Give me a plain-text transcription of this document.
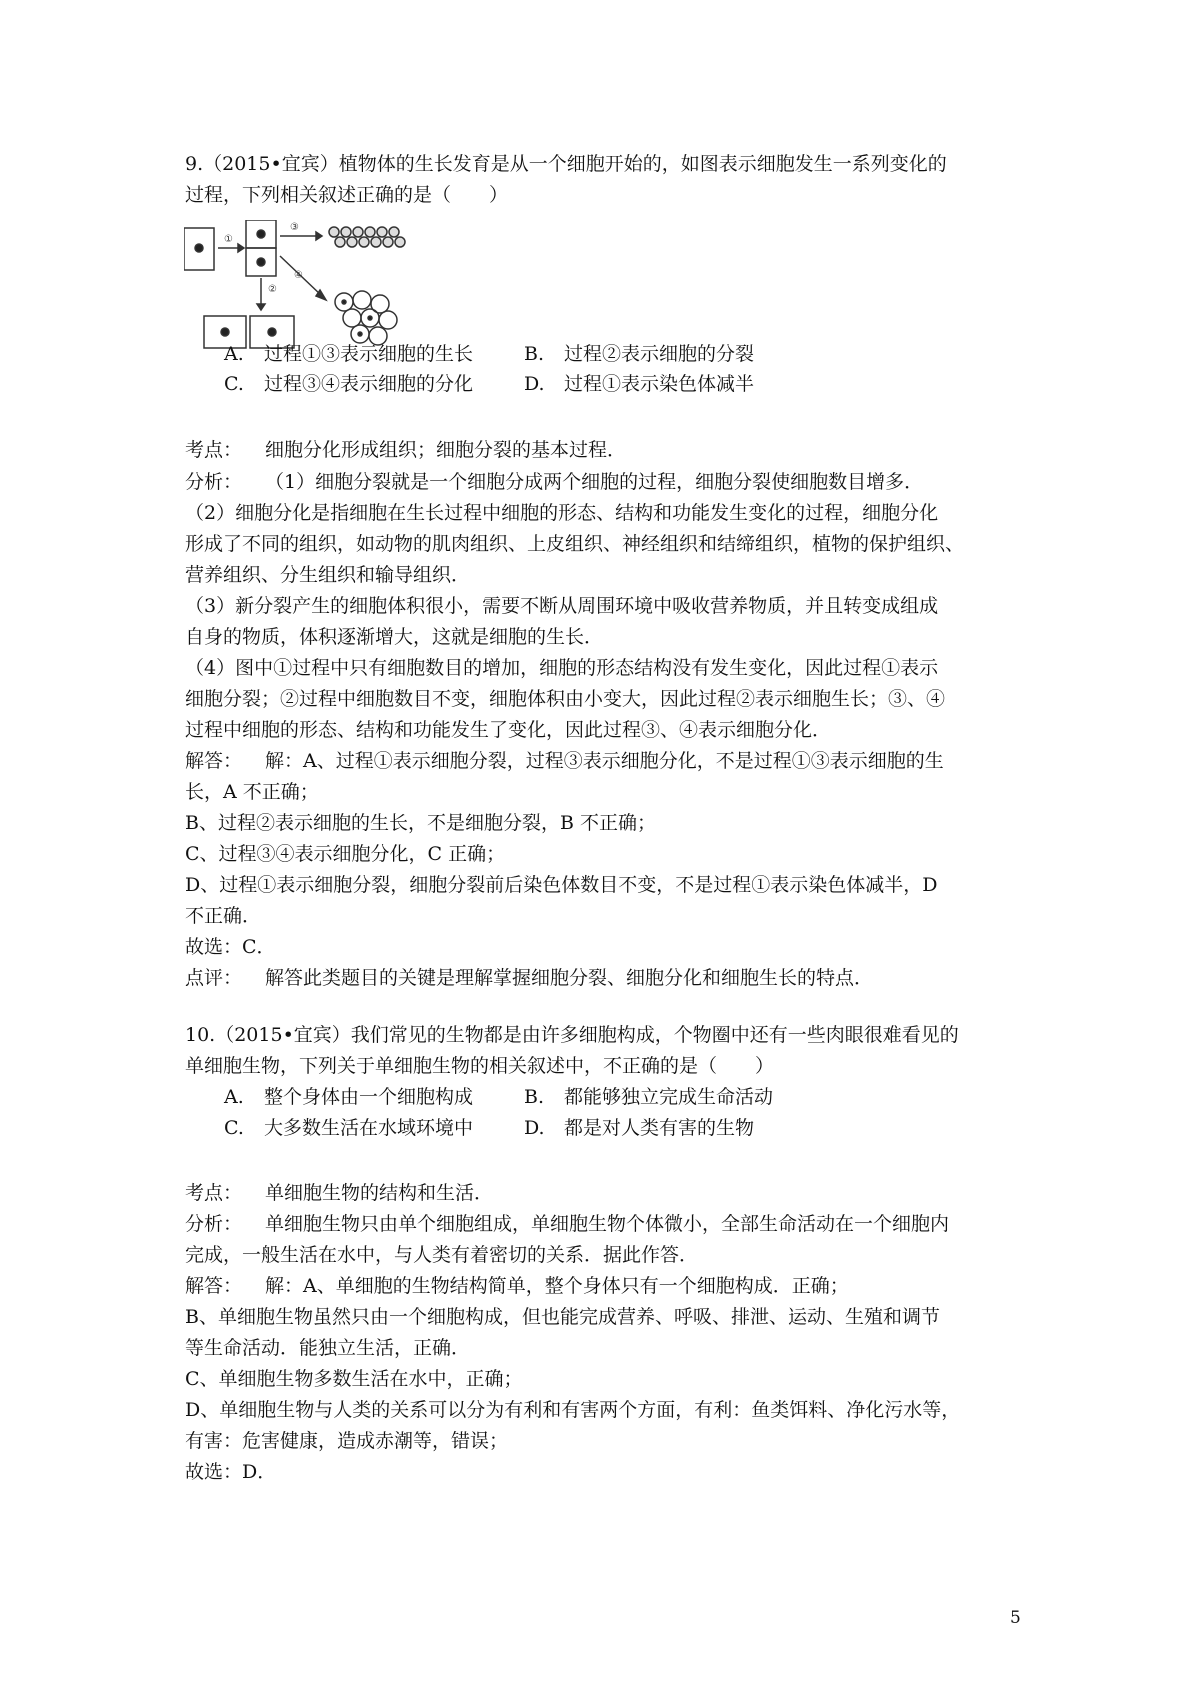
9.（2015•宜宾）植物体的生长发育是从一个细胞开始的，如图表示细胞发生一系列变化的
过程，下列相关叙述正确的是（　　）
①
③
②
④
A. 过程①③表示细胞的生长	B. 过程②表示细胞的分裂
C. 过程③④表示细胞的分化	D. 过程①表示染色体减半
考点： 细胞分化形成组织；细胞分裂的基本过程．
分析： （1）细胞分裂就是一个细胞分成两个细胞的过程，细胞分裂使细胞数目增多．
（2）细胞分化是指细胞在生长过程中细胞的形态、结构和功能发生变化的过程，细胞分化
形成了不同的组织，如动物的肌肉组织、上皮组织、神经组织和结缔组织，植物的保护组织、
营养组织、分生组织和输导组织．
（3）新分裂产生的细胞体积很小，需要不断从周围环境中吸收营养物质，并且转变成组成
自身的物质，体积逐渐增大，这就是细胞的生长．
（4）图中①过程中只有细胞数目的增加，细胞的形态结构没有发生变化，因此过程①表示
细胞分裂；②过程中细胞数目不变，细胞体积由小变大，因此过程②表示细胞生长；③、④
过程中细胞的形态、结构和功能发生了变化，因此过程③、④表示细胞分化．
解答： 解：A、过程①表示细胞分裂，过程③表示细胞分化，不是过程①③表示细胞的生
长，A 不正确；
B、过程②表示细胞的生长，不是细胞分裂，B 不正确；
C、过程③④表示细胞分化，C 正确；
D、过程①表示细胞分裂，细胞分裂前后染色体数目不变，不是过程①表示染色体减半，D
不正确．
故选：C．
点评： 解答此类题目的关键是理解掌握细胞分裂、细胞分化和细胞生长的特点．
10.（2015•宜宾）我们常见的生物都是由许多细胞构成，个物圈中还有一些肉眼很难看见的
单细胞生物，下列关于单细胞生物的相关叙述中，不正确的是（　　）
A. 整个身体由一个细胞构成	B. 都能够独立完成生命活动
C. 大多数生活在水域环境中	D. 都是对人类有害的生物
考点： 单细胞生物的结构和生活．
分析： 单细胞生物只由单个细胞组成，单细胞生物个体微小，全部生命活动在一个细胞内
完成，一般生活在水中，与人类有着密切的关系．据此作答．
解答： 解：A、单细胞的生物结构简单，整个身体只有一个细胞构成．正确；
B、单细胞生物虽然只由一个细胞构成，但也能完成营养、呼吸、排泄、运动、生殖和调节
等生命活动．能独立生活，正确．
C、单细胞生物多数生活在水中，正确；
D、单细胞生物与人类的关系可以分为有利和有害两个方面，有利：鱼类饵料、净化污水等，
有害：危害健康，造成赤潮等，错误；
故选：D．
5
